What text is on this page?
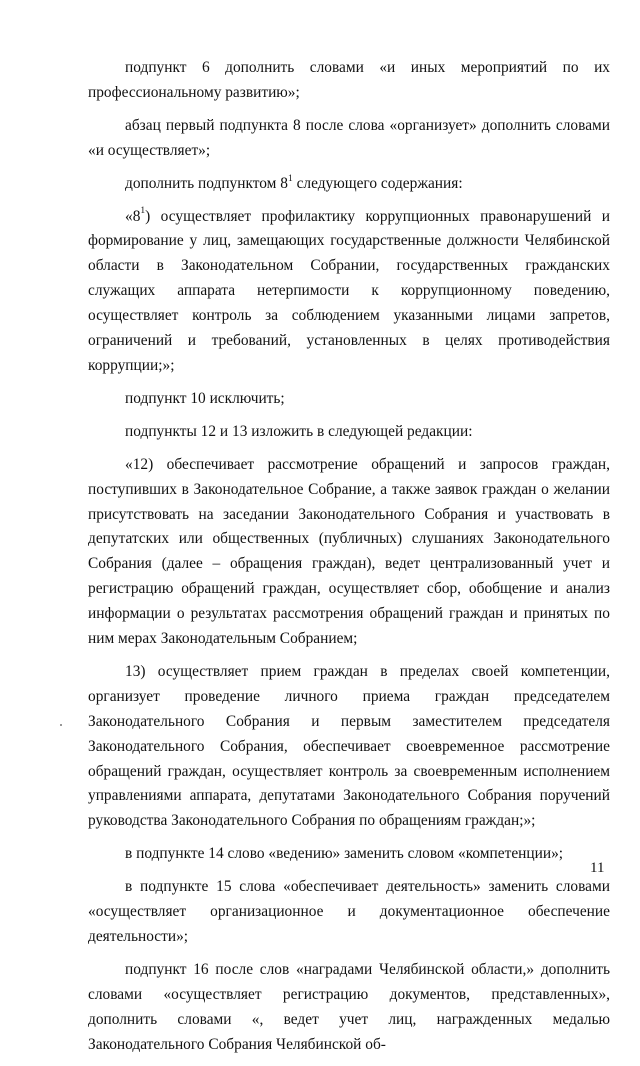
подпункт 6 дополнить словами «и иных мероприятий по их профессиональному развитию»;

абзац первый подпункта 8 после слова «организует» дополнить словами «и осуществляет»;

дополнить подпунктом $8^1$ следующего содержания:

«$8^1$) осуществляет профилактику коррупционных правонарушений и формирование у лиц, замещающих государственные должности Челябинской области в Законодательном Собрании, государственных гражданских служащих аппарата нетерпимости к коррупционному поведению, осуществляет контроль за соблюдением указанными лицами запретов, ограничений и требований, установленных в целях противодействия коррупции;»;

подпункт 10 исключить;

подпункты 12 и 13 изложить в следующей редакции:

«12) обеспечивает рассмотрение обращений и запросов граждан, поступивших в Законодательное Собрание, а также заявок граждан о желании присутствовать на заседании Законодательного Собрания и участвовать в депутатских или общественных (публичных) слушаниях Законодательного Собрания (далее – обращения граждан), ведет централизованный учет и регистрацию обращений граждан, осуществляет сбор, обобщение и анализ информации о результатах рассмотрения обращений граждан и принятых по ним мерах Законодательным Собранием;

13) осуществляет прием граждан в пределах своей компетенции, организует проведение личного приема граждан председателем Законодательного Собрания и первым заместителем председателя Законодательного Собрания, обеспечивает своевременное рассмотрение обращений граждан, осуществляет контроль за своевременным исполнением управлениями аппарата, депутатами Законодательного Собрания поручений руководства Законодательного Собрания по обращениям граждан;»;

в подпункте 14 слово «ведению» заменить словом «компетенции»;

в подпункте 15 слова «обеспечивает деятельность» заменить словами «осуществляет организационное и документационное обеспечение деятельности»;

подпункт 16 после слов «наградами Челябинской области,» дополнить словами «осуществляет регистрацию документов, представленных», дополнить словами «, ведет учет лиц, награжденных медалью Законодательного Собрания Челябинской об-

11
